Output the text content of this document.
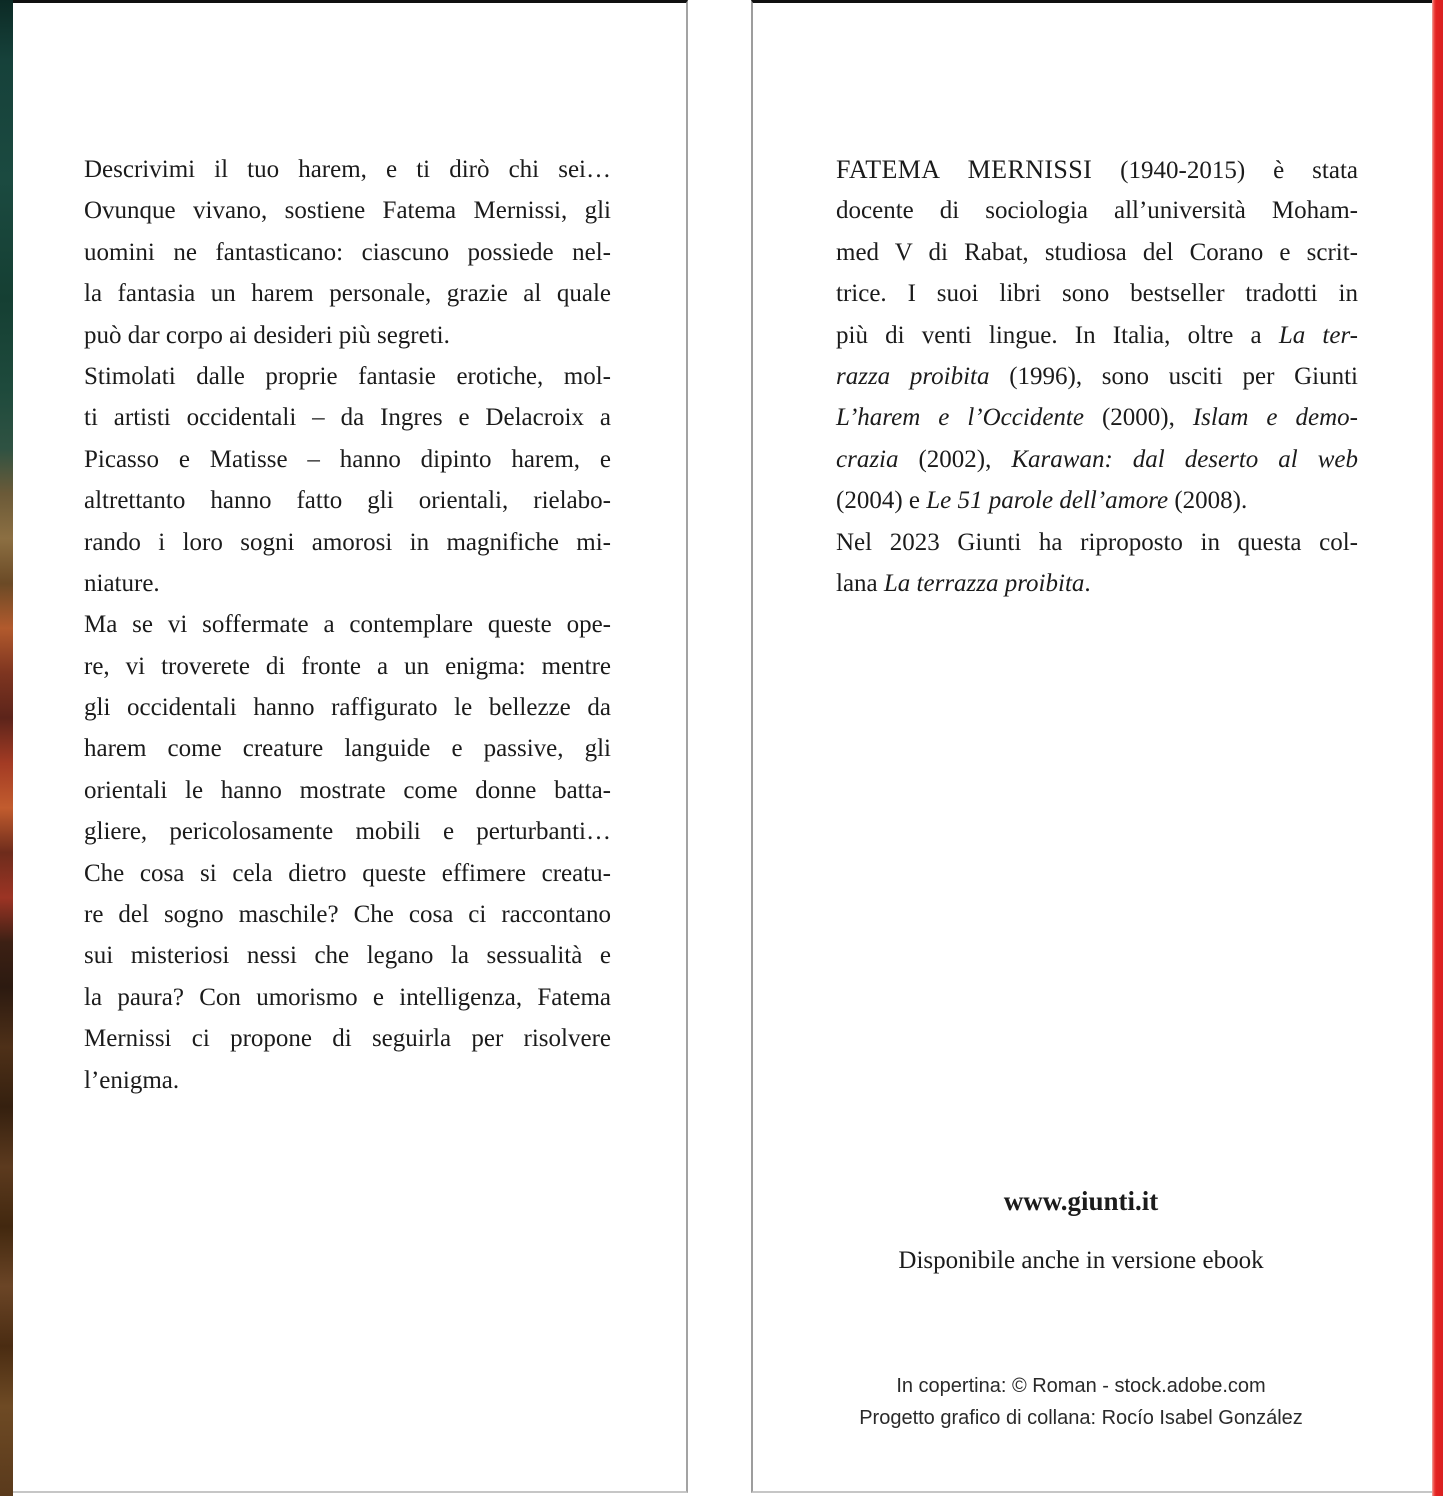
Descrivimi il tuo harem, e ti dirò chi sei…
Ovunque vivano, sostiene Fatema Mernissi, gli
uomini ne fantasticano: ciascuno possiede nel-
la fantasia un harem personale, grazie al quale
può dar corpo ai desideri più segreti.
Stimolati dalle proprie fantasie erotiche, mol-
ti artisti occidentali – da Ingres e Delacroix a
Picasso e Matisse – hanno dipinto harem, e
altrettanto hanno fatto gli orientali, rielabo-
rando i loro sogni amorosi in magnifiche mi-
niature.
Ma se vi soffermate a contemplare queste ope-
re, vi troverete di fronte a un enigma: mentre
gli occidentali hanno raffigurato le bellezze da
harem come creature languide e passive, gli
orientali le hanno mostrate come donne batta-
gliere, pericolosamente mobili e perturbanti…
Che cosa si cela dietro queste effimere creatu-
re del sogno maschile? Che cosa ci raccontano
sui misteriosi nessi che legano la sessualità e
la paura? Con umorismo e intelligenza, Fatema
Mernissi ci propone di seguirla per risolvere
l’enigma.
FATEMA MERNISSI (1940-2015) è stata
docente di sociologia all’università Moham-
med V di Rabat, studiosa del Corano e scrit-
trice. I suoi libri sono bestseller tradotti in
più di venti lingue. In Italia, oltre a La ter-
razza proibita (1996), sono usciti per Giunti
L’harem e l’Occidente (2000), Islam e demo-
crazia (2002), Karawan: dal deserto al web
(2004) e Le 51 parole dell’amore (2008).
Nel 2023 Giunti ha riproposto in questa col-
lana La terrazza proibita.
www.giunti.it
Disponibile anche in versione ebook
In copertina: © Roman - stock.adobe.com
Progetto grafico di collana: Rocío Isabel González
